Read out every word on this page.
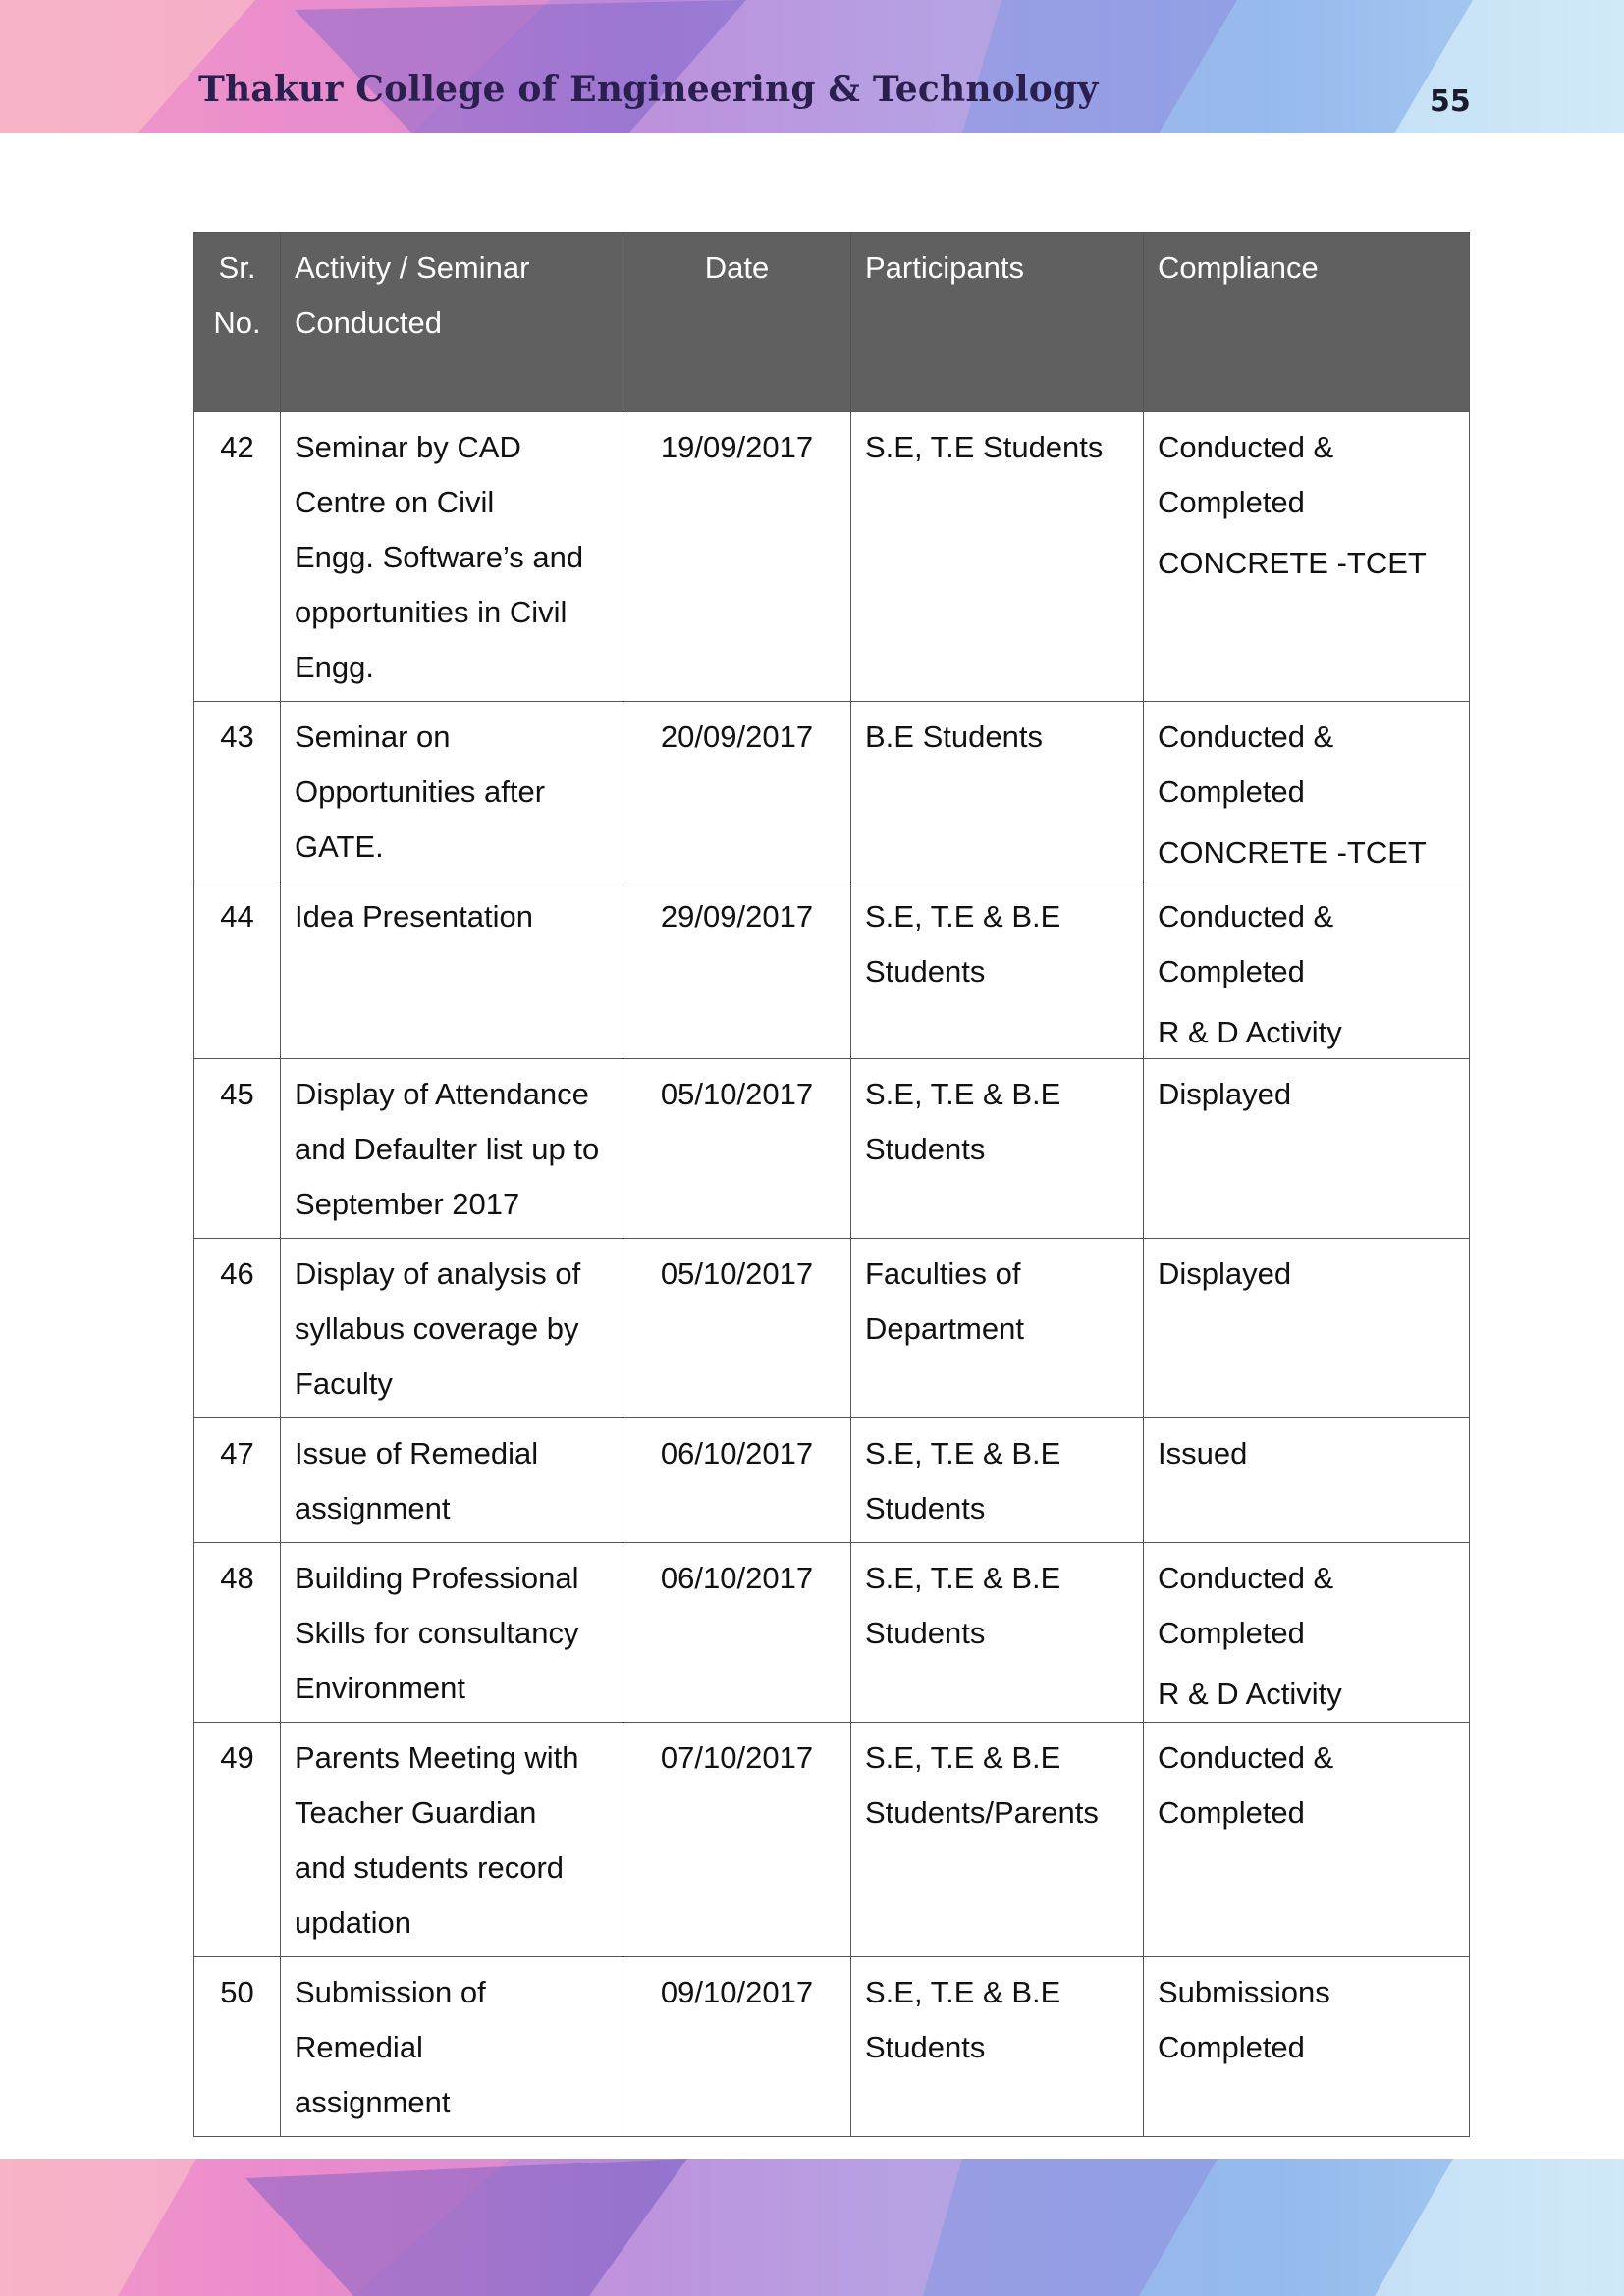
Thakur College of Engineering & Technology	55
Sr.
No.	Activity / Seminar
Conducted	Date	Participants	Compliance
42	Seminar by CAD
Centre on Civil
Engg. Software’s and
opportunities in Civil
Engg.	19/09/2017	S.E, T.E Students	Conducted &
Completed
CONCRETE -TCET

43	Seminar on
Opportunities after
GATE.	20/09/2017	B.E Students	Conducted &
Completed
CONCRETE -TCET

44	Idea Presentation	29/09/2017	S.E, T.E & B.E
Students	Conducted &
Completed
R & D Activity

45	Display of Attendance
and Defaulter list up to
September 2017	05/10/2017	S.E, T.E & B.E
Students	Displayed
46	Display of analysis of
syllabus coverage by
Faculty	05/10/2017	Faculties of
Department	Displayed
47	Issue of Remedial
assignment	06/10/2017	S.E, T.E & B.E
Students	Issued
48	Building Professional
Skills for consultancy
Environment	06/10/2017	S.E, T.E & B.E
Students	Conducted &
Completed
R & D Activity

49	Parents Meeting with
Teacher Guardian
and students record
updation	07/10/2017	S.E, T.E & B.E
Students/Parents	Conducted &
Completed
50	Submission of Remedial
assignment	09/10/2017	S.E, T.E & B.E
Students	Submissions
Completed
